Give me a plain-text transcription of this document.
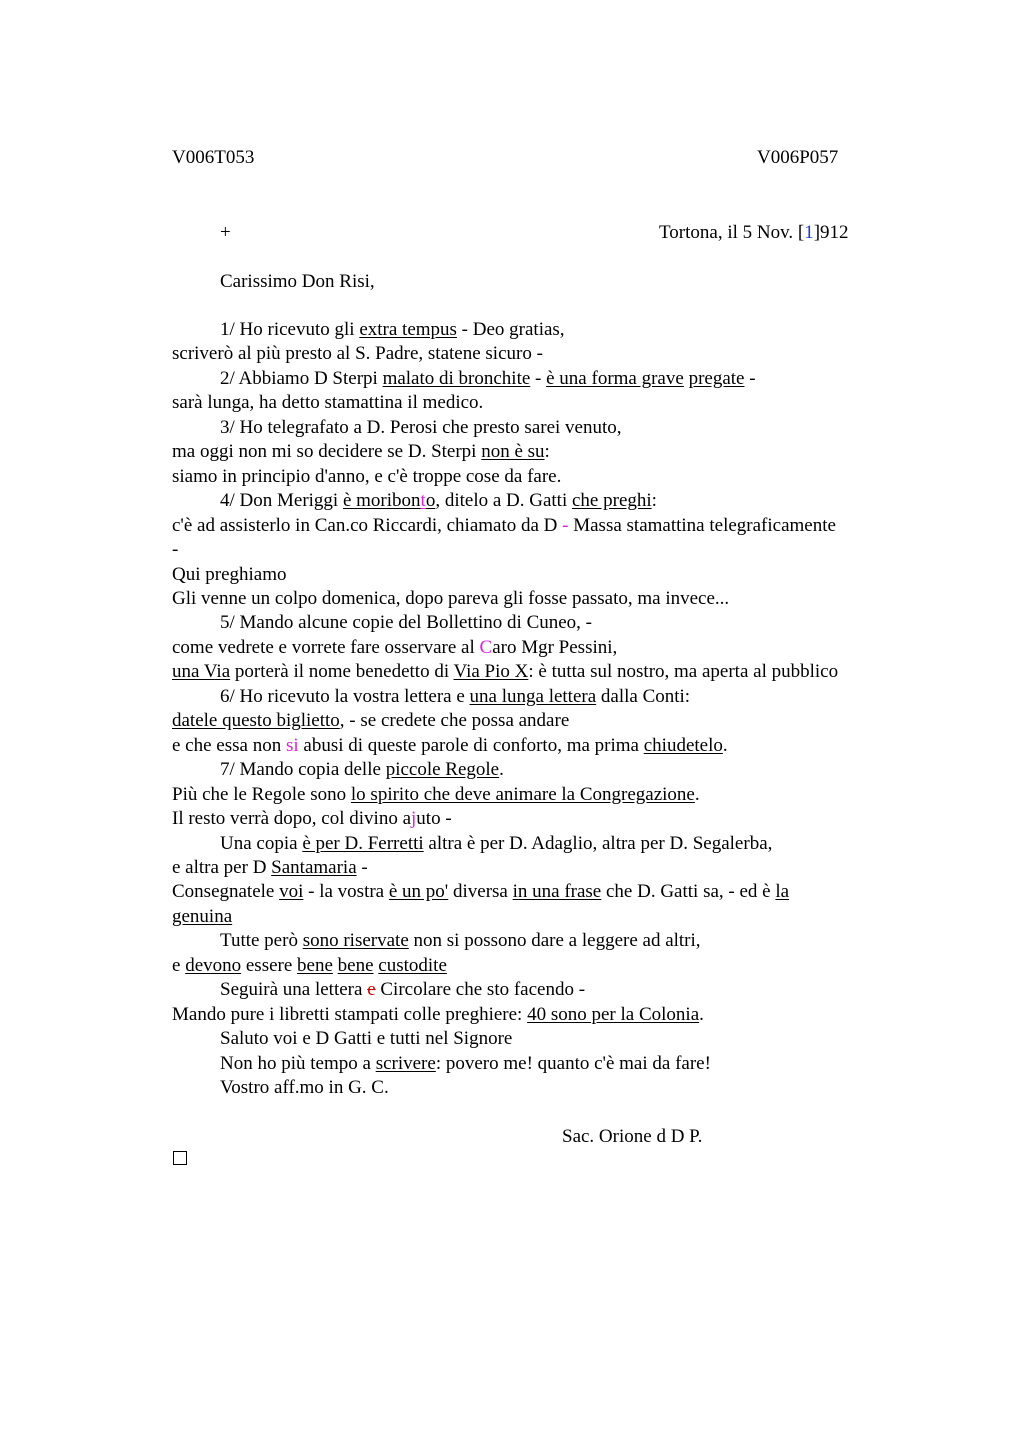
V006T053	V006P057
+	Tortona, il 5 Nov. [1]912
Carissimo Don Risi,
1/ Ho ricevuto gli extra tempus - Deo gratias,
scriverò al più presto al S. Padre, statene sicuro -
2/ Abbiamo D Sterpi malato di bronchite - è una forma grave pregate -
sarà lunga, ha detto stamattina il medico.
3/ Ho telegrafato a D. Perosi che presto sarei venuto,
ma oggi non mi so decidere se D. Sterpi non è su:
siamo in principio d'anno, e c'è troppe cose da fare.
4/ Don Meriggi è moribonto, ditelo a D. Gatti che preghi:
c'è ad assisterlo in Can.co Riccardi, chiamato da D - Massa stamattina telegraficamente
-
Qui preghiamo
Gli venne un colpo domenica, dopo pareva gli fosse passato, ma invece...
5/ Mando alcune copie del Bollettino di Cuneo, -
come vedrete e vorrete fare osservare al Caro Mgr Pessini,
una Via porterà il nome benedetto di Via Pio X: è tutta sul nostro, ma aperta al pubblico
6/ Ho ricevuto la vostra lettera e una lunga lettera dalla Conti:
datele questo biglietto, - se credete che possa andare
e che essa non si abusi di queste parole di conforto, ma prima chiudetelo.
7/ Mando copia delle piccole Regole.
Più che le Regole sono lo spirito che deve animare la Congregazione.
Il resto verrà dopo, col divino ajuto -
Una copia è per D. Ferretti altra è per D. Adaglio, altra per D. Segalerba,
e altra per D Santamaria -
Consegnatele voi - la vostra è un po' diversa in una frase che D. Gatti sa, - ed è la
genuina
Tutte però sono riservate non si possono dare a leggere ad altri,
e devono essere bene bene custodite
Seguirà una lettera e Circolare che sto facendo -
Mando pure i libretti stampati colle preghiere: 40 sono per la Colonia.
Saluto voi e D Gatti e tutti nel Signore
Non ho più tempo a scrivere: povero me! quanto c'è mai da fare!
Vostro aff.mo in G. C.
Sac. Orione d D P.
